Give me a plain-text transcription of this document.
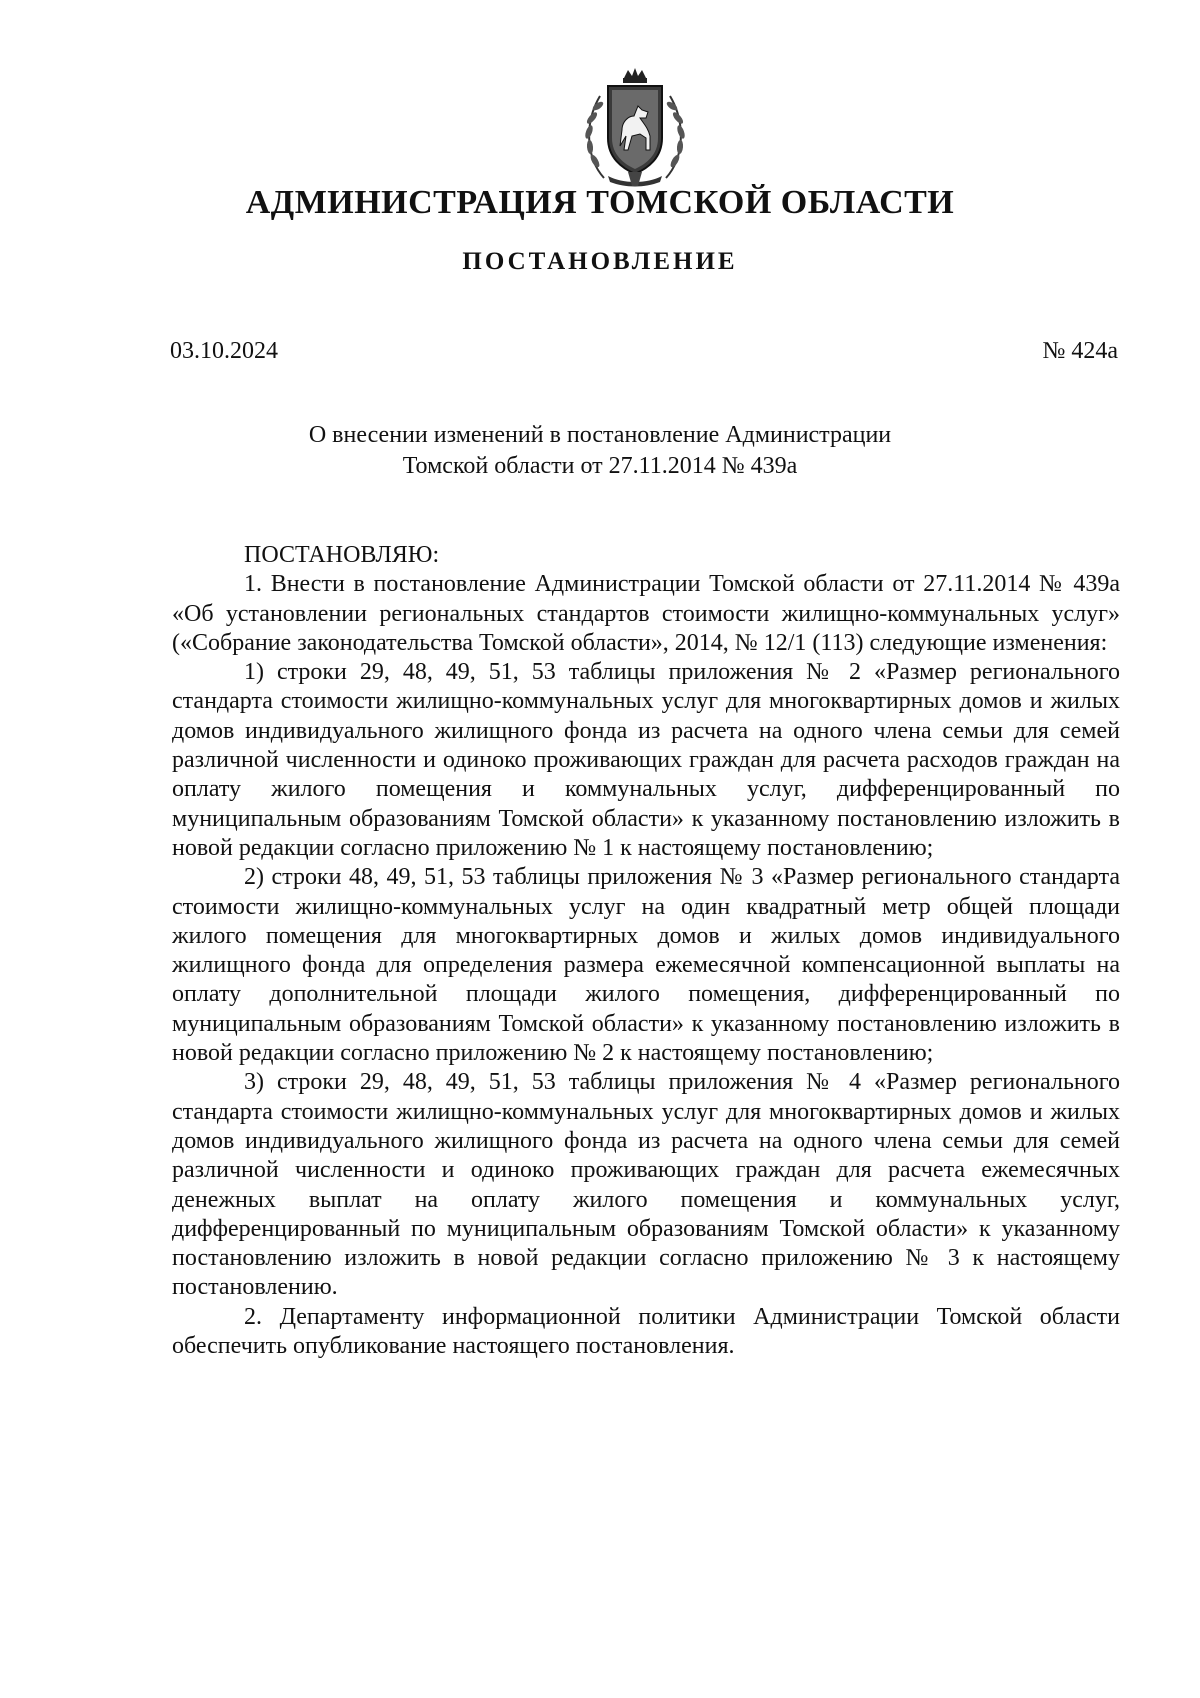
АДМИНИСТРАЦИЯ ТОМСКОЙ ОБЛАСТИ
ПОСТАНОВЛЕНИЕ
03.10.2024	№ 424а
О внесении изменений в постановление Администрации
Томской области от 27.11.2014 № 439а

ПОСТАНОВЛЯЮ:

1. Внести в постановление Администрации Томской области от 27.11.2014 № 439а «Об установлении региональных стандартов стоимости жилищно-коммунальных услуг» («Собрание законодательства Томской области», 2014, № 12/1 (113) следующие изменения:

1) строки 29, 48, 49, 51, 53 таблицы приложения № 2 «Размер регионального стандарта стоимости жилищно-коммунальных услуг для многоквартирных домов и жилых домов индивидуального жилищного фонда из расчета на одного члена семьи для семей различной численности и одиноко проживающих граждан для расчета расходов граждан на оплату жилого помещения и коммунальных услуг, дифференцированный по муниципальным образованиям Томской области» к указанному постановлению изложить в новой редакции согласно приложению № 1 к настоящему постановлению;

2) строки 48, 49, 51, 53 таблицы приложения № 3 «Размер регионального стандарта стоимости жилищно-коммунальных услуг на один квадратный метр общей площади жилого помещения для многоквартирных домов и жилых домов индивидуального жилищного фонда для определения размера ежемесячной компенсационной выплаты на оплату дополнительной площади жилого помещения, дифференцированный по муниципальным образованиям Томской области» к указанному постановлению изложить в новой редакции согласно приложению № 2 к настоящему постановлению;

3) строки 29, 48, 49, 51, 53 таблицы приложения № 4 «Размер регионального стандарта стоимости жилищно-коммунальных услуг для многоквартирных домов и жилых домов индивидуального жилищного фонда из расчета на одного члена семьи для семей различной численности и одиноко проживающих граждан для расчета ежемесячных денежных выплат на оплату жилого помещения и коммунальных услуг, дифференцированный по муниципальным образованиям Томской области» к указанному постановлению изложить в новой редакции согласно приложению № 3 к настоящему постановлению.

2. Департаменту информационной политики Администрации Томской области обеспечить опубликование настоящего постановления.
